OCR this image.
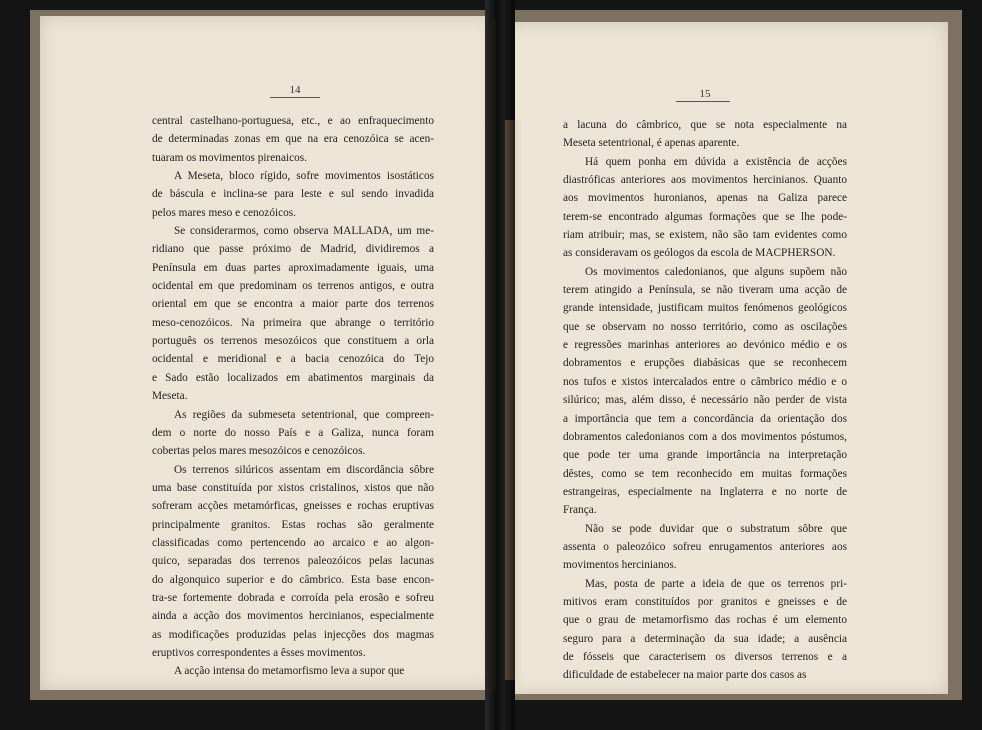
14	15

central castelhano-portuguesa, etc., e ao enfraquecimento

de determinadas zonas em que na era cenozóica se acen-

tuaram os movimentos pirenaicos.

A Meseta, bloco rígido, sofre movimentos isostáticos

de báscula e inclina-se para leste e sul sendo invadida

pelos mares meso e cenozóicos.

Se considerarmos, como observa MALLADA, um me-

ridiano que passe próximo de Madrid, dividiremos a

Península em duas partes aproximadamente iguais, uma

ocidental em que predominam os terrenos antigos, e outra

oriental em que se encontra a maior parte dos terrenos

meso-cenozóicos. Na primeira que abrange o território

português os terrenos mesozóicos que constituem a orla

ocidental e meridional e a bacia cenozóica do Tejo

e Sado estão localizados em abatimentos marginais da

Meseta.

As regiões da submeseta setentrional, que compreen-

dem o norte do nosso País e a Galiza, nunca foram

cobertas pelos mares mesozóicos e cenozóicos.

Os terrenos silúricos assentam em discordância sôbre

uma base constituída por xistos cristalinos, xistos que não

sofreram acções metamórficas, gneisses e rochas eruptivas

principalmente granitos. Estas rochas são geralmente

classificadas como pertencendo ao arcaico e ao algon-

quico, separadas dos terrenos paleozóicos pelas lacunas

do algonquico superior e do câmbrico. Esta base encon-

tra-se fortemente dobrada e corroída pela erosão e sofreu

ainda a acção dos movimentos hercinianos, especialmente

as modificações produzidas pelas injecções dos magmas

eruptivos correspondentes a êsses movimentos.

A acção intensa do metamorfismo leva a supor que

a lacuna do câmbrico, que se nota especialmente na

Meseta setentrional, é apenas aparente.

Há quem ponha em dúvida a existência de acções

diastróficas anteriores aos movimentos hercinianos. Quanto

aos movimentos huronianos, apenas na Galiza parece

terem-se encontrado algumas formações que se lhe pode-

riam atribuir; mas, se existem, não são tam evidentes como

as consideravam os geólogos da escola de MACPHERSON.

Os movimentos caledonianos, que alguns supõem não

terem atingido a Península, se não tiveram uma acção de

grande intensidade, justificam muitos fenómenos geológicos

que se observam no nosso território, como as oscilações

e regressões marinhas anteriores ao devónico médio e os

dobramentos e erupções diabásicas que se reconhecem

nos tufos e xistos intercalados entre o câmbrico médio e o

silúrico; mas, além disso, é necessário não perder de vista

a importância que tem a concordância da orientação dos

dobramentos caledonianos com a dos movimentos póstumos,

que pode ter uma grande importância na interpretação

dêstes, como se tem reconhecido em muitas formações

estrangeiras, especialmente na Inglaterra e no norte de

França.

Não se pode duvidar que o substratum sôbre que

assenta o paleozóico sofreu enrugamentos anteriores aos

movimentos hercinianos.

Mas, posta de parte a ideia de que os terrenos pri-

mitivos eram constituídos por granitos e gneisses e de

que o grau de metamorfismo das rochas é um elemento

seguro para a determinação da sua idade; a ausência

de fósseis que caracterisem os diversos terrenos e a

dificuldade de estabelecer na maior parte dos casos as
